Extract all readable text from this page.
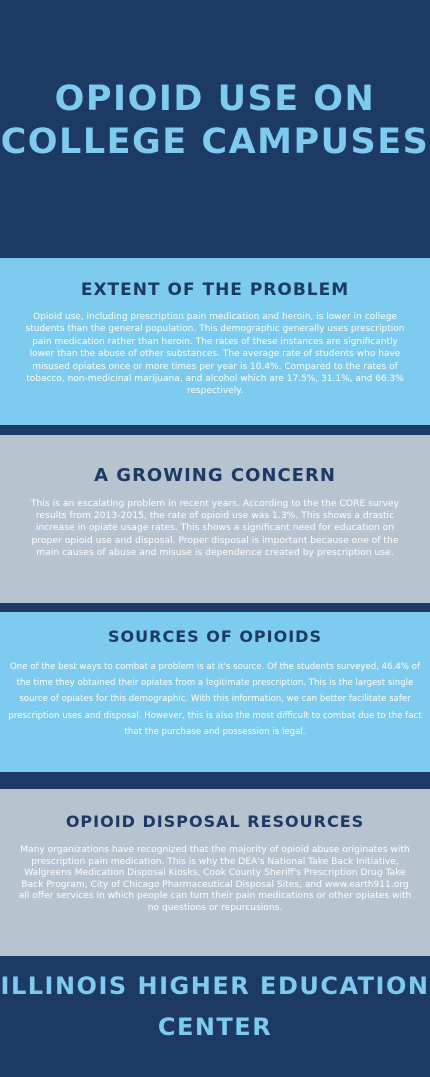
OPIOID USE ON COLLEGE CAMPUSES
EXTENT OF THE PROBLEM

Opioid use, including prescription pain medication and heroin, is lower in college students than the general population. This demographic generally uses prescription pain medication rather than heroin. The rates of these instances are significantly lower than the abuse of other substances. The average rate of students who have misused opiates once or more times per year is 10.4%. Compared to the rates of tobacco, non-medicinal marijuana, and alcohol which are 17.5%, 31.1%, and 66.3% respectively.

A GROWING CONCERN

This is an escalating problem in recent years. According to the the CORE survey results from 2013-2015, the rate of opioid use was 1.3%. This shows a drastic increase in opiate usage rates. This shows a significant need for education on proper opioid use and disposal. Proper disposal is important because one of the main causes of abuse and misuse is dependence created by prescription use.

SOURCES OF OPIOIDS

One of the best ways to combat a problem is at it's source. Of the students surveyed, 46.4% of the time they obtained their opiates from a legitimate prescription. This is the largest single source of opiates for this demographic. With this information, we can better facilitate safer prescription uses and disposal. However, this is also the most difficult to combat due to the fact that the purchase and possession is legal.

OPIOID DISPOSAL RESOURCES

Many organizations have recognized that the majority of opioid abuse originates with prescription pain medication. This is why the DEA's National Take Back Initiative, Walgreens Medication Disposal Kiosks, Cook County Sheriff's Prescription Drug Take Back Program, City of Chicago Pharmaceutical Disposal Sites, and www.earth911.org all offer services in which people can turn their pain medications or other opiates with no questions or repurcusions.

ILLINOIS HIGHER EDUCATION CENTER
